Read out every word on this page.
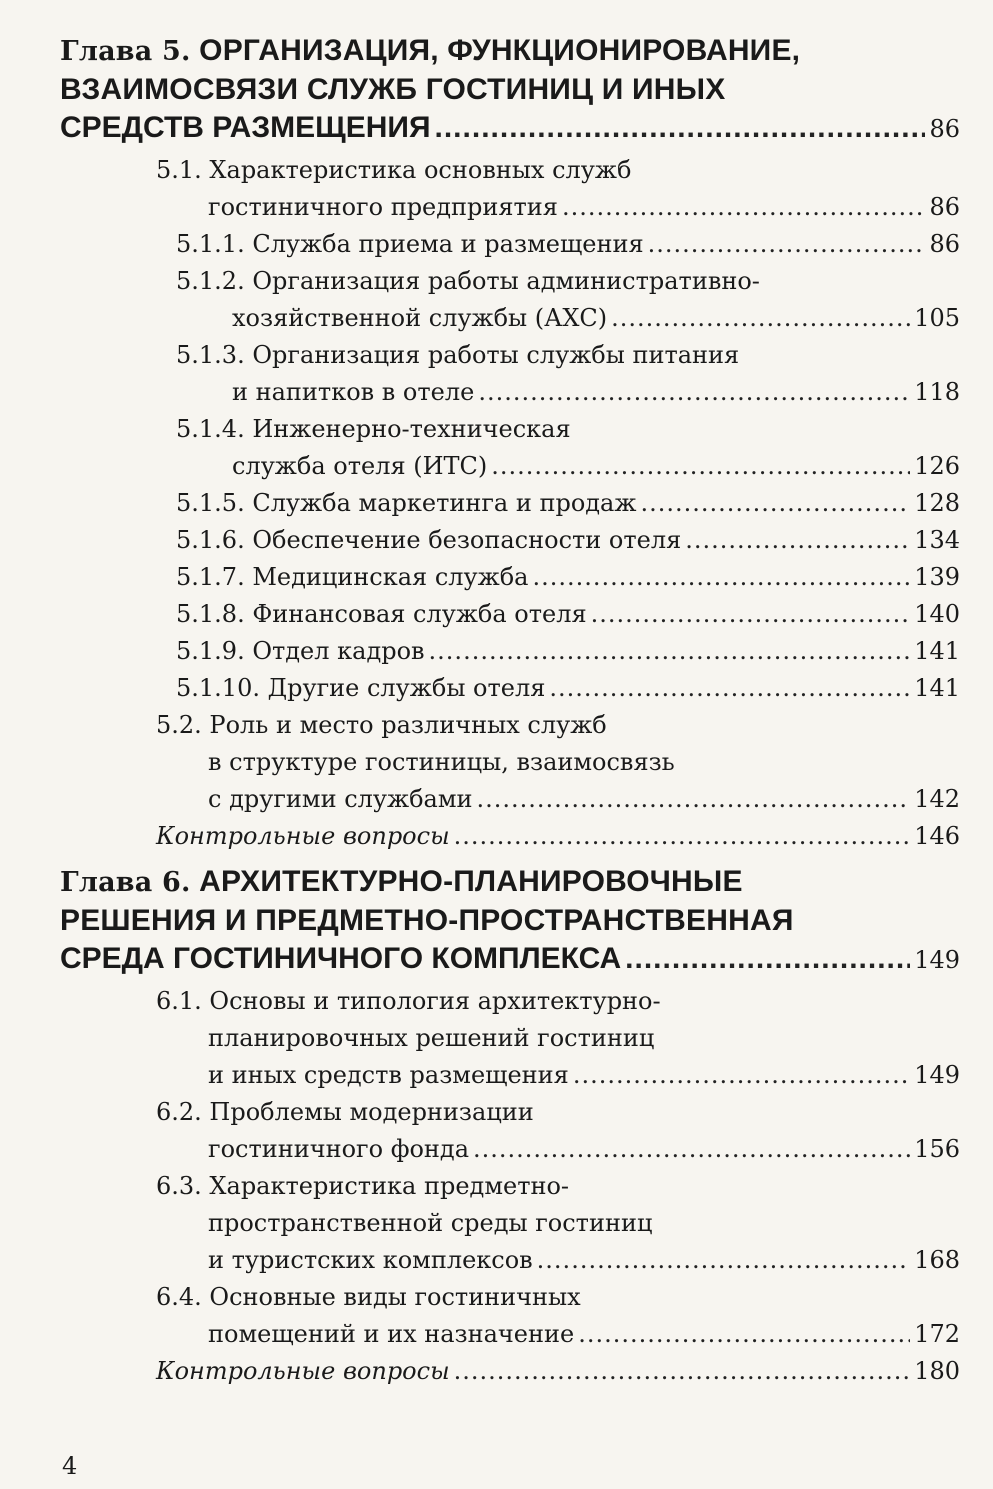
Глава 5. ОРГАНИЗАЦИЯ, ФУНКЦИОНИРОВАНИЕ,
ВЗАИМОСВЯЗИ СЛУЖБ ГОСТИНИЦ И ИНЫХ
СРЕДСТВ РАЗМЕЩЕНИЯ .....	86
5.1. Характеристика основных служб
гостиничного предприятия .....	86
5.1.1. Служба приема и размещения .....	86
5.1.2. Организация работы административно-
хозяйственной службы (АХС) .....	105
5.1.3. Организация работы службы питания
и напитков в отеле .....	118
5.1.4. Инженерно-техническая
служба отеля (ИТС) .....	126
5.1.5. Служба маркетинга и продаж .....	128
5.1.6. Обеспечение безопасности отеля .....	134
5.1.7. Медицинская служба .....	139
5.1.8. Финансовая служба отеля .....	140
5.1.9. Отдел кадров .....	141
5.1.10. Другие службы отеля .....	141
5.2. Роль и место различных служб
в структуре гостиницы, взаимосвязь
с другими службами .....	142
Контрольные вопросы .....	146
Глава 6. АРХИТЕКТУРНО-ПЛАНИРОВОЧНЫЕ
РЕШЕНИЯ И ПРЕДМЕТНО-ПРОСТРАНСТВЕННАЯ
СРЕДА ГОСТИНИЧНОГО КОМПЛЕКСА .....	149
6.1. Основы и типология архитектурно-
планировочных решений гостиниц
и иных средств размещения .....	149
6.2. Проблемы модернизации
гостиничного фонда .....	156
6.3. Характеристика предметно-
пространственной среды гостиниц
и туристских комплексов .....	168
6.4. Основные виды гостиничных
помещений и их назначение .....	172
Контрольные вопросы .....	180
4
